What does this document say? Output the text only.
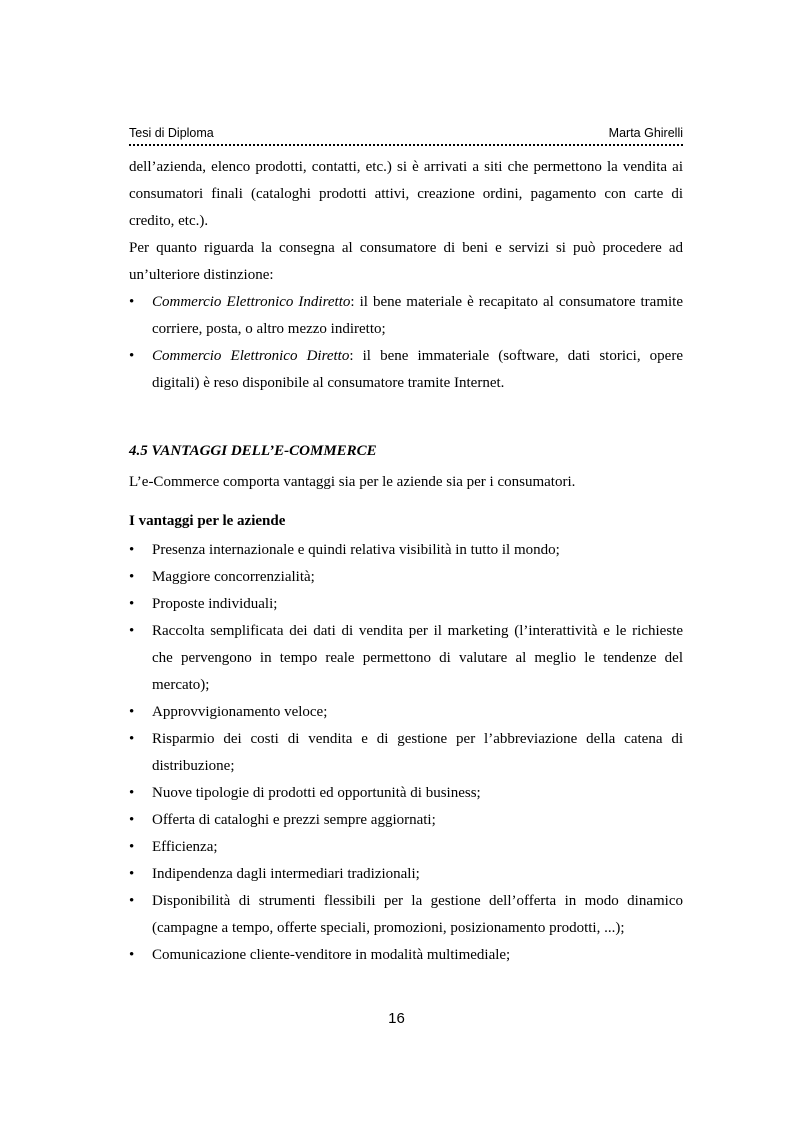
Tesi di Diploma	Marta Ghirelli

dell’azienda, elenco prodotti, contatti, etc.) si è arrivati a siti che permettono la vendita ai consumatori finali (cataloghi prodotti attivi, creazione ordini, pagamento con carte di credito, etc.).

Per quanto riguarda la consegna al consumatore di beni e servizi si può procedere ad un’ulteriore distinzione:

• Commercio Elettronico Indiretto: il bene materiale è recapitato al consumatore tramite corriere, posta, o altro mezzo indiretto;
• Commercio Elettronico Diretto: il bene immateriale (software, dati storici, opere digitali) è reso disponibile al consumatore tramite Internet.
4.5 VANTAGGI DELL’E-COMMERCE

L’e-Commerce comporta vantaggi sia per le aziende sia per i consumatori.

I vantaggi per le aziende
• Presenza internazionale e quindi relativa visibilità in tutto il mondo;
• Maggiore concorrenzialità;
• Proposte individuali;
• Raccolta semplificata dei dati di vendita per il marketing (l’interattività e le richieste che pervengono in tempo reale permettono di valutare al meglio le tendenze del mercato);
• Approvvigionamento veloce;
• Risparmio dei costi di vendita e di gestione per l’abbreviazione della catena di distribuzione;
• Nuove tipologie di prodotti ed opportunità di business;
• Offerta di cataloghi e prezzi sempre aggiornati;
• Efficienza;
• Indipendenza dagli intermediari tradizionali;
• Disponibilità di strumenti flessibili per la gestione dell’offerta in modo dinamico (campagne a tempo, offerte speciali, promozioni, posizionamento prodotti, ...);
• Comunicazione cliente-venditore in modalità multimediale;
16
